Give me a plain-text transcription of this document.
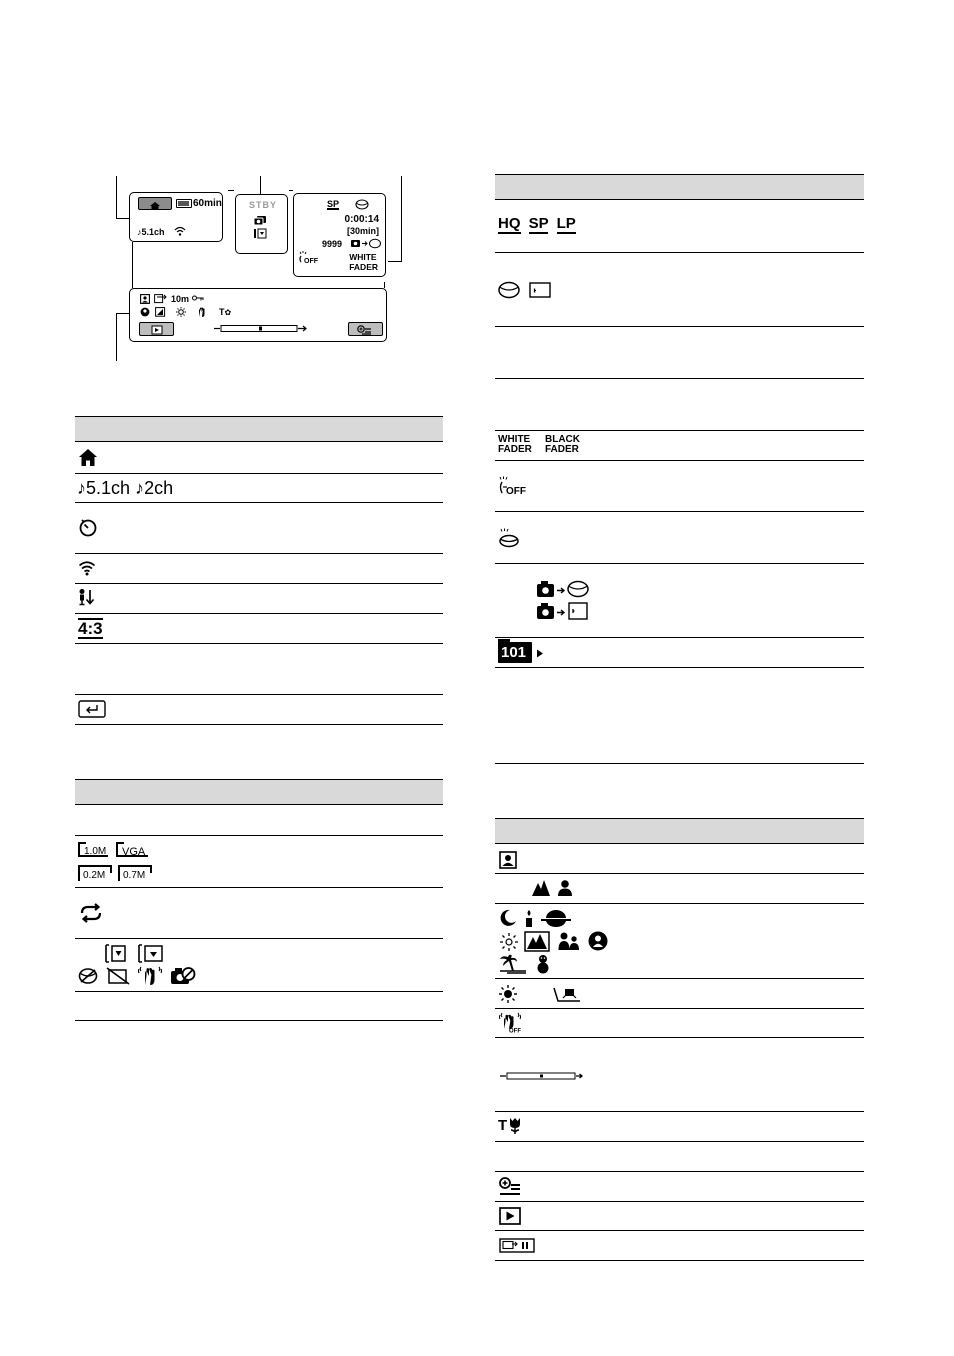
60min
♪5.1ch
STBY	SP
0:00:14
[30min]
9999
OFF	WHITE
FADER
10m
T✿
♪5.1ch ♪2ch
4:3
1.0M VGA
0.2M 0.7M
HQ SP LP
WHITE
FADER
BLACK
FADER
OFF
101
OFF
T
